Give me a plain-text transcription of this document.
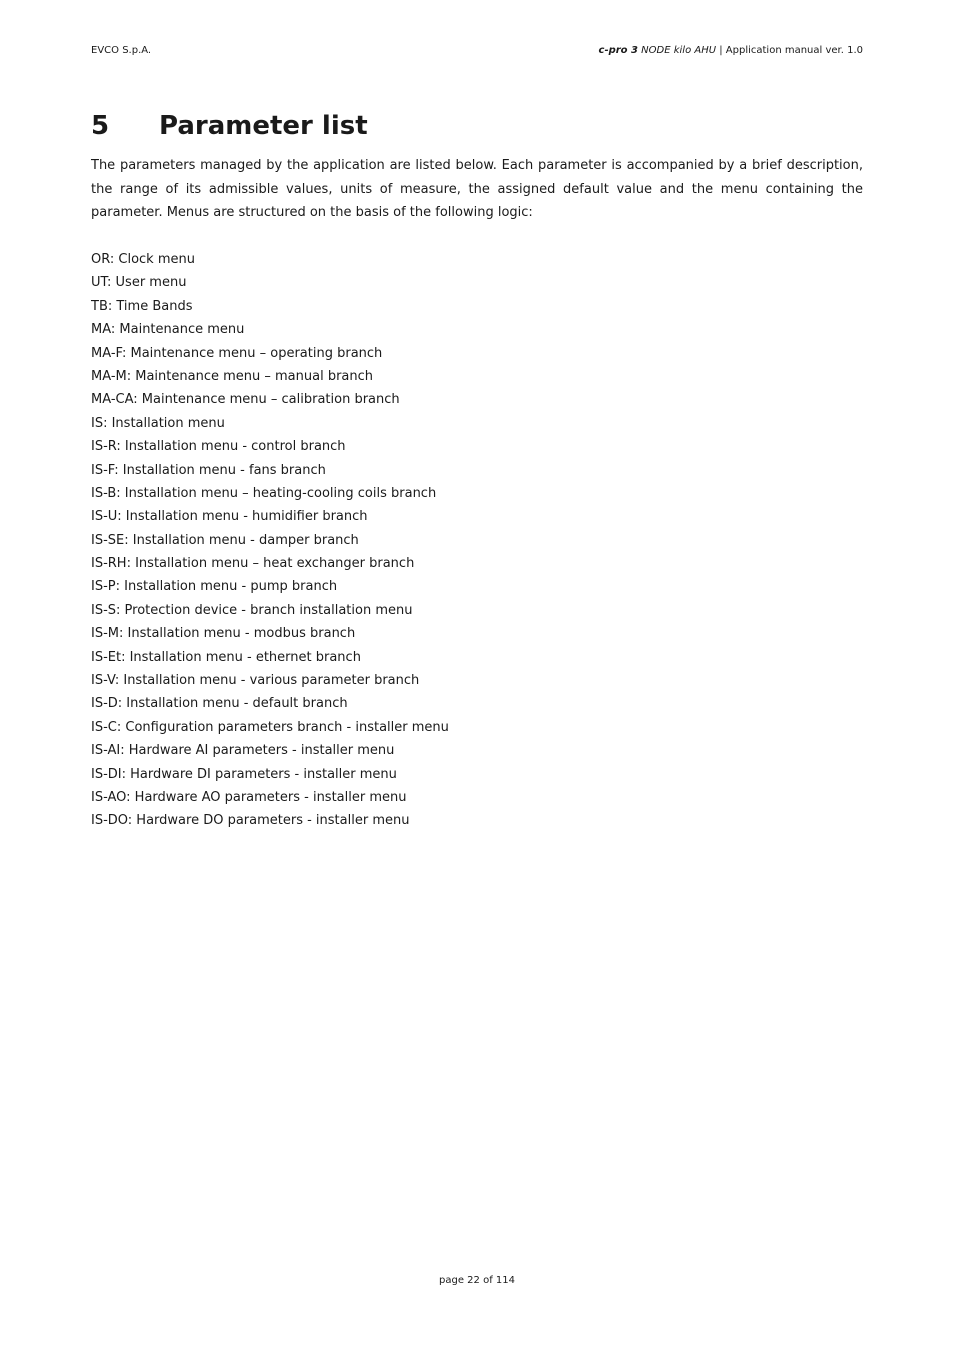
EVCO S.p.A.	c-pro 3 NODE kilo AHU | Application manual ver. 1.0
5 Parameter list

The parameters managed by the application are listed below. Each parameter is accompanied by a brief description, the range of its admissible values, units of measure, the assigned default value and the menu containing the parameter. Menus are structured on the basis of the following logic:

OR: Clock menu
UT: User menu
TB: Time Bands
MA: Maintenance menu
MA-F: Maintenance menu – operating branch
MA-M: Maintenance menu – manual branch
MA-CA: Maintenance menu – calibration branch
IS: Installation menu
IS-R: Installation menu - control branch
IS-F: Installation menu - fans branch
IS-B: Installation menu – heating-cooling coils branch
IS-U: Installation menu - humidifier branch
IS-SE: Installation menu - damper branch
IS-RH: Installation menu – heat exchanger branch
IS-P: Installation menu - pump branch
IS-S: Protection device - branch installation menu
IS-M: Installation menu - modbus branch
IS-Et: Installation menu - ethernet branch
IS-V: Installation menu - various parameter branch
IS-D: Installation menu - default branch
IS-C: Configuration parameters branch - installer menu
IS-AI: Hardware AI parameters - installer menu
IS-DI: Hardware DI parameters - installer menu
IS-AO: Hardware AO parameters - installer menu
IS-DO: Hardware DO parameters - installer menu
page 22 of 114
